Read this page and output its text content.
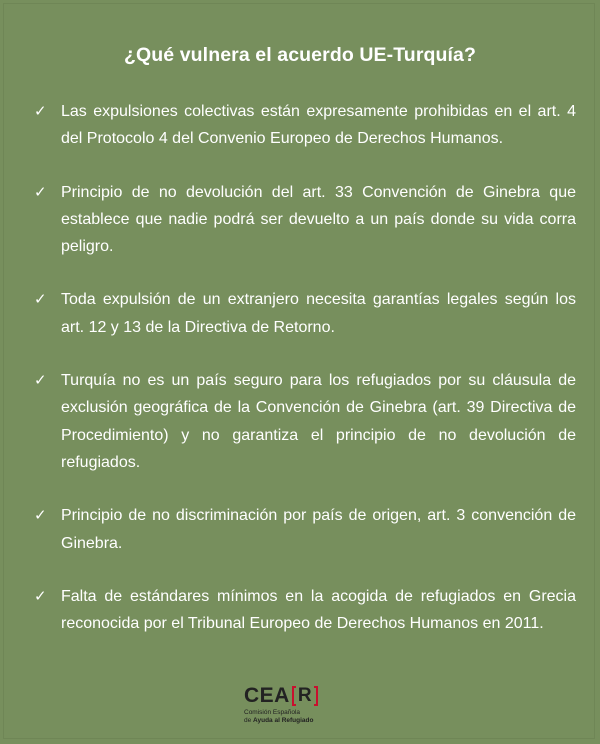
¿Qué vulnera el acuerdo UE-Turquía?
✓ Las expulsiones colectivas están expresamente prohibidas en el art. 4 del Protocolo 4 del Convenio Europeo de Derechos Humanos.
✓ Principio de no devolución del art. 33 Convención de Ginebra que establece que nadie podrá ser devuelto a un país donde su vida corra peligro.
✓ Toda expulsión de un extranjero necesita garantías legales según los art. 12 y 13 de la Directiva de Retorno.
✓ Turquía no es un país seguro para los refugiados por su cláusula de exclusión geográfica de la Convención de Ginebra (art. 39 Directiva de Procedimiento) y no garantiza el principio de no devolución de refugiados.
✓ Principio de no discriminación por país de origen, art. 3 convención de Ginebra.
✓ Falta de estándares mínimos en la acogida de refugiados en Grecia reconocida por el Tribunal Europeo de Derechos Humanos en 2011.
CEA R
Comisión Española
de Ayuda al Refugiado
